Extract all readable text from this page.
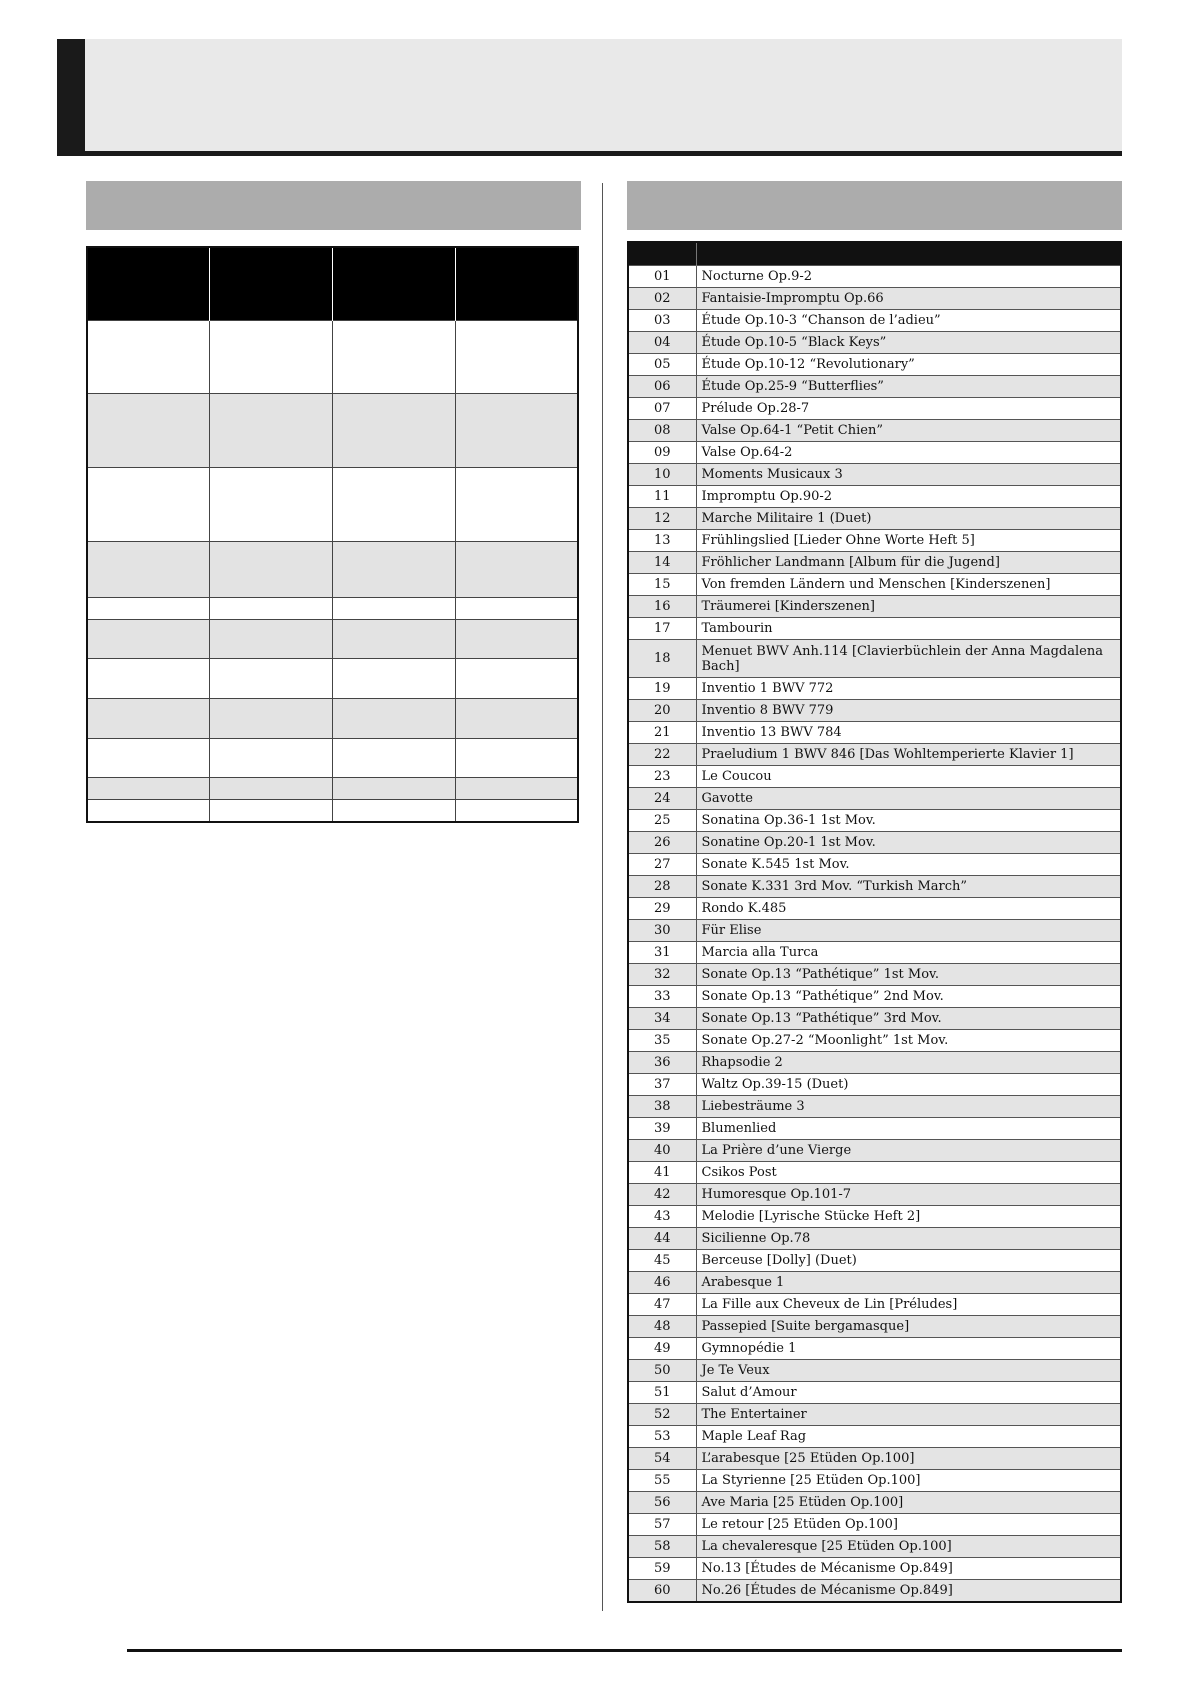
01	Nocturne Op.9-2
02	Fantaisie-Impromptu Op.66
03	Étude Op.10-3 “Chanson de l’adieu”
04	Étude Op.10-5 “Black Keys”
05	Étude Op.10-12 “Revolutionary”
06	Étude Op.25-9 “Butterflies”
07	Prélude Op.28-7
08	Valse Op.64-1 “Petit Chien”
09	Valse Op.64-2
10	Moments Musicaux 3
11	Impromptu Op.90-2
12	Marche Militaire 1 (Duet)
13	Frühlingslied [Lieder Ohne Worte Heft 5]
14	Fröhlicher Landmann [Album für die Jugend]
15	Von fremden Ländern und Menschen [Kinderszenen]
16	Träumerei [Kinderszenen]
17	Tambourin
18	Menuet BWV Anh.114 [Clavierbüchlein der Anna Magdalena Bach]
19	Inventio 1 BWV 772
20	Inventio 8 BWV 779
21	Inventio 13 BWV 784
22	Praeludium 1 BWV 846 [Das Wohltemperierte Klavier 1]
23	Le Coucou
24	Gavotte
25	Sonatina Op.36-1 1st Mov.
26	Sonatine Op.20-1 1st Mov.
27	Sonate K.545 1st Mov.
28	Sonate K.331 3rd Mov. “Turkish March”
29	Rondo K.485
30	Für Elise
31	Marcia alla Turca
32	Sonate Op.13 “Pathétique” 1st Mov.
33	Sonate Op.13 “Pathétique” 2nd Mov.
34	Sonate Op.13 “Pathétique” 3rd Mov.
35	Sonate Op.27-2 “Moonlight” 1st Mov.
36	Rhapsodie 2
37	Waltz Op.39-15 (Duet)
38	Liebesträume 3
39	Blumenlied
40	La Prière d’une Vierge
41	Csikos Post
42	Humoresque Op.101-7
43	Melodie [Lyrische Stücke Heft 2]
44	Sicilienne Op.78
45	Berceuse [Dolly] (Duet)
46	Arabesque 1
47	La Fille aux Cheveux de Lin [Préludes]
48	Passepied [Suite bergamasque]
49	Gymnopédie 1
50	Je Te Veux
51	Salut d’Amour
52	The Entertainer
53	Maple Leaf Rag
54	L’arabesque [25 Etüden Op.100]
55	La Styrienne [25 Etüden Op.100]
56	Ave Maria [25 Etüden Op.100]
57	Le retour [25 Etüden Op.100]
58	La chevaleresque [25 Etüden Op.100]
59	No.13 [Études de Mécanisme Op.849]
60	No.26 [Études de Mécanisme Op.849]
